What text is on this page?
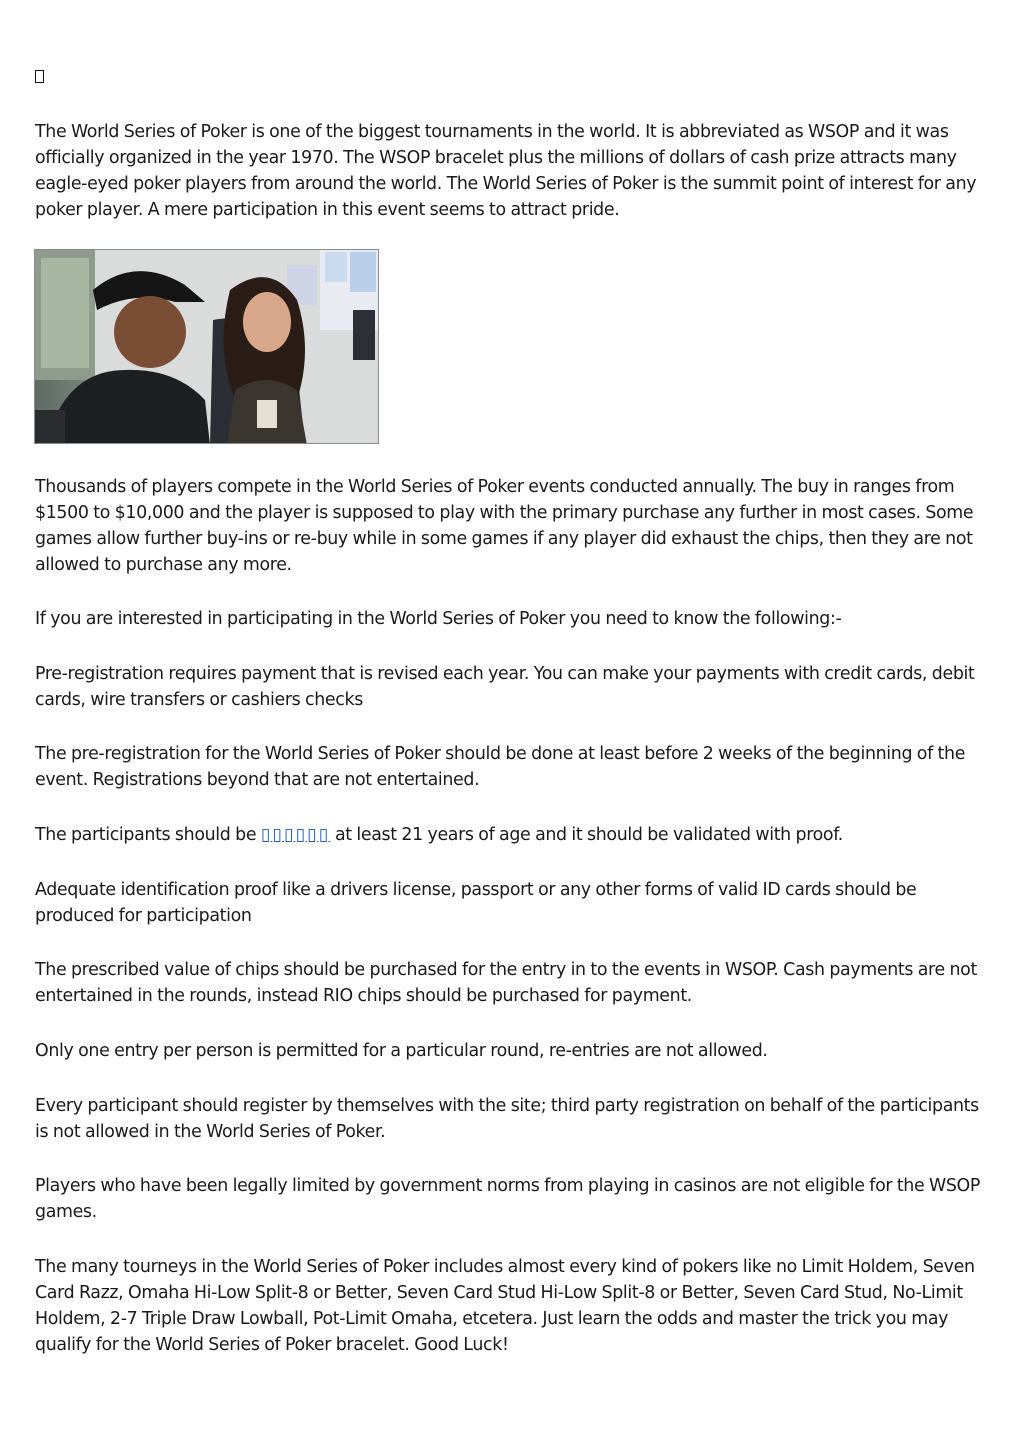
The World Series of Poker is one of the biggest tournaments in the world. It is abbreviated as WSOP and it was officially organized in the year 1970. The WSOP bracelet plus the millions of dollars of cash prize attracts many eagle-eyed poker players from around the world. The World Series of Poker is the summit point of interest for any poker player. A mere participation in this event seems to attract pride.

Thousands of players compete in the World Series of Poker events conducted annually. The buy in ranges from $1500 to $10,000 and the player is supposed to play with the primary purchase any further in most cases. Some games allow further buy-ins or re-buy while in some games if any player did exhaust the chips, then they are not allowed to purchase any more.

If you are interested in participating in the World Series of Poker you need to know the following:-

Pre-registration requires payment that is revised each year. You can make your payments with credit cards, debit cards, wire transfers or cashiers checks

The pre-registration for the World Series of Poker should be done at least before 2 weeks of the beginning of the event. Registrations beyond that are not entertained.

The participants should be ▯▯▯▯▯▯ at least 21 years of age and it should be validated with proof.

Adequate identification proof like a drivers license, passport or any other forms of valid ID cards should be produced for participation

The prescribed value of chips should be purchased for the entry in to the events in WSOP. Cash payments are not entertained in the rounds, instead RIO chips should be purchased for payment.

Only one entry per person is permitted for a particular round, re-entries are not allowed.

Every participant should register by themselves with the site; third party registration on behalf of the participants is not allowed in the World Series of Poker.

Players who have been legally limited by government norms from playing in casinos are not eligible for the WSOP games.

The many tourneys in the World Series of Poker includes almost every kind of pokers like no Limit Holdem, Seven Card Razz, Omaha Hi-Low Split-8 or Better, Seven Card Stud Hi-Low Split-8 or Better, Seven Card Stud, No-Limit Holdem, 2-7 Triple Draw Lowball, Pot-Limit Omaha, etcetera. Just learn the odds and master the trick you may qualify for the World Series of Poker bracelet. Good Luck!
